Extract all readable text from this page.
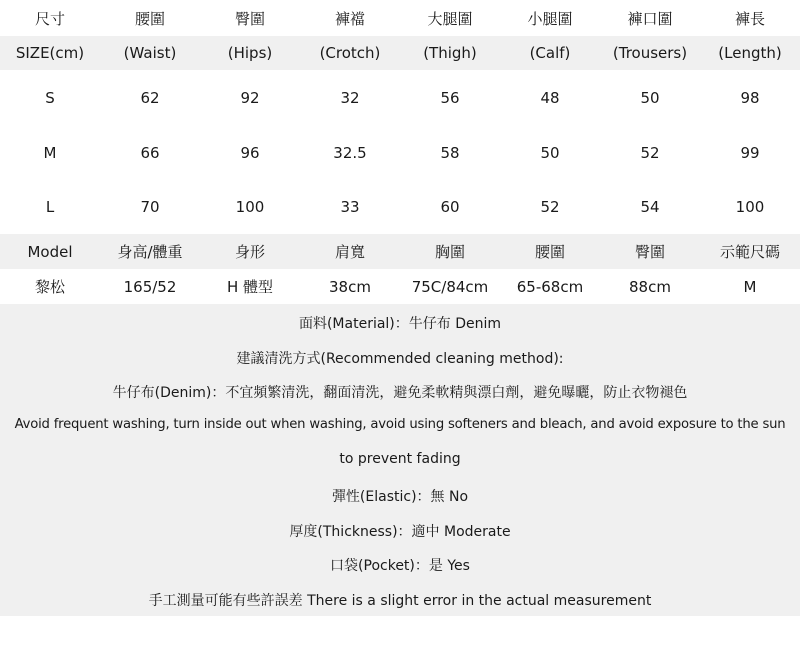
尺寸	腰圍	臀圍	褲襠	大腿圍	小腿圍	褲口圍	褲長
SIZE(cm)	(Waist)	(Hips)	(Crotch)	(Thigh)	(Calf)	(Trousers)	(Length)
S	62	92	32	56	48	50	98
M	66	96	32.5	58	50	52	99
L	70	100	33	60	52	54	100
Model	身高/體重	身形	肩寬	胸圍	腰圍	臀圍	示範尺碼
黎松	165/52	H 體型	38cm	75C/84cm	65-68cm	88cm	M
面料(Material)：牛仔布 Denim
建議清洗方式(Recommended cleaning method):
牛仔布(Denim)：不宜頻繁清洗，翻面清洗，避免柔軟精與漂白劑，避免曝曬，防止衣物褪色
Avoid frequent washing, turn inside out when washing, avoid using softeners and bleach, and avoid exposure to the sun
to prevent fading
彈性(Elastic)：無 No
厚度(Thickness)：適中 Moderate
口袋(Pocket)：是 Yes
手工測量可能有些許誤差 There is a slight error in the actual measurement
